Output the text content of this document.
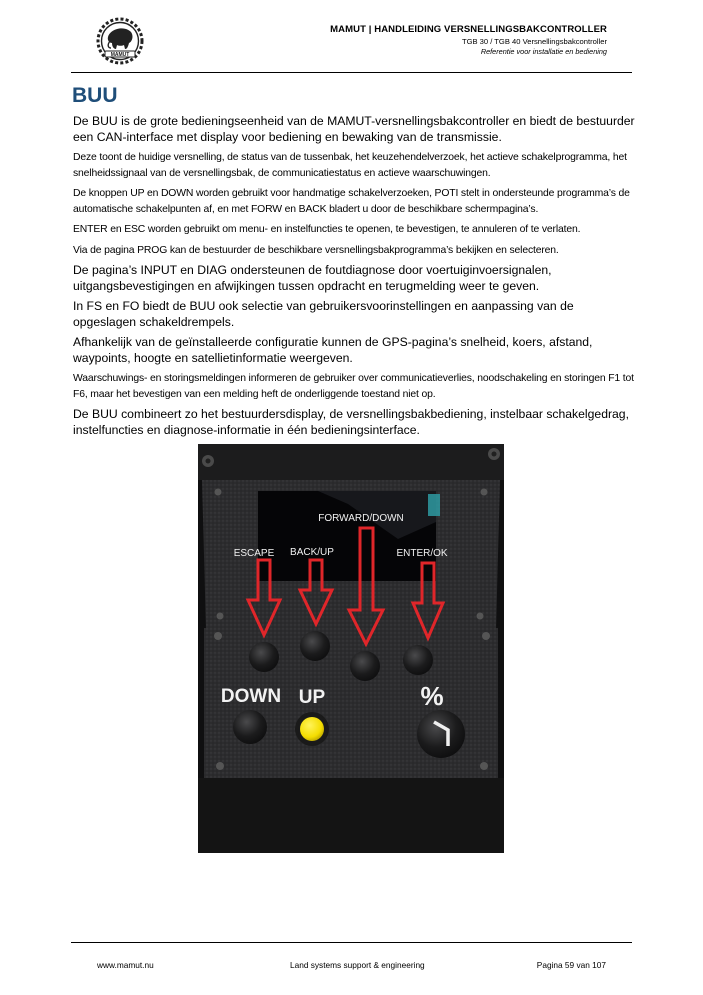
MAMUT
MAMUT | HANDLEIDING VERSNELLINGSBAKCONTROLLER
TGB 30 / TGB 40 Versnellingsbakcontroller
Referentie voor installatie en bediening
BUU

De BUU is de grote bedieningseenheid van de MAMUT-versnellingsbakcontroller en biedt de bestuurder een CAN-interface met display voor bediening en bewaking van de transmissie.

Deze toont de huidige versnelling, de status van de tussenbak, het keuzehendelverzoek, het actieve schakelprogramma, het snelheidssignaal van de versnellingsbak, de communicatiestatus en actieve waarschuwingen.

De knoppen UP en DOWN worden gebruikt voor handmatige schakelverzoeken, POTI stelt in ondersteunde programma’s de automatische schakelpunten af, en met FORW en BACK bladert u door de beschikbare schermpagina’s.

ENTER en ESC worden gebruikt om menu- en instelfuncties te openen, te bevestigen, te annuleren of te verlaten.

Via de pagina PROG kan de bestuurder de beschikbare versnellingsbakprogramma’s bekijken en selecteren.

De pagina’s INPUT en DIAG ondersteunen de foutdiagnose door voertuiginvoersignalen, uitgangsbevestigingen en afwijkingen tussen opdracht en terugmelding weer te geven.

In FS en FO biedt de BUU ook selectie van gebruikersvoorinstellingen en aanpassing van de opgeslagen schakeldrempels.

Afhankelijk van de geïnstalleerde configuratie kunnen de GPS-pagina’s snelheid, koers, afstand, waypoints, hoogte en satellietinformatie weergeven.

Waarschuwings- en storingsmeldingen informeren de gebruiker over communicatieverlies, noodschakeling en storingen F1 tot F6, maar het bevestigen van een melding heft de onderliggende toestand niet op.

De BUU combineert zo het bestuurdersdisplay, de versnellingsbakbediening, instelbaar schakelgedrag, instelfuncties en diagnose-informatie in één bedieningsinterface.

DOWN UP	%
FORWARD/DOWN
ESCAPE BACK/UP	ENTER/OK
www.mamut.nu	Land systems support & engineering	Pagina 59 van 107
